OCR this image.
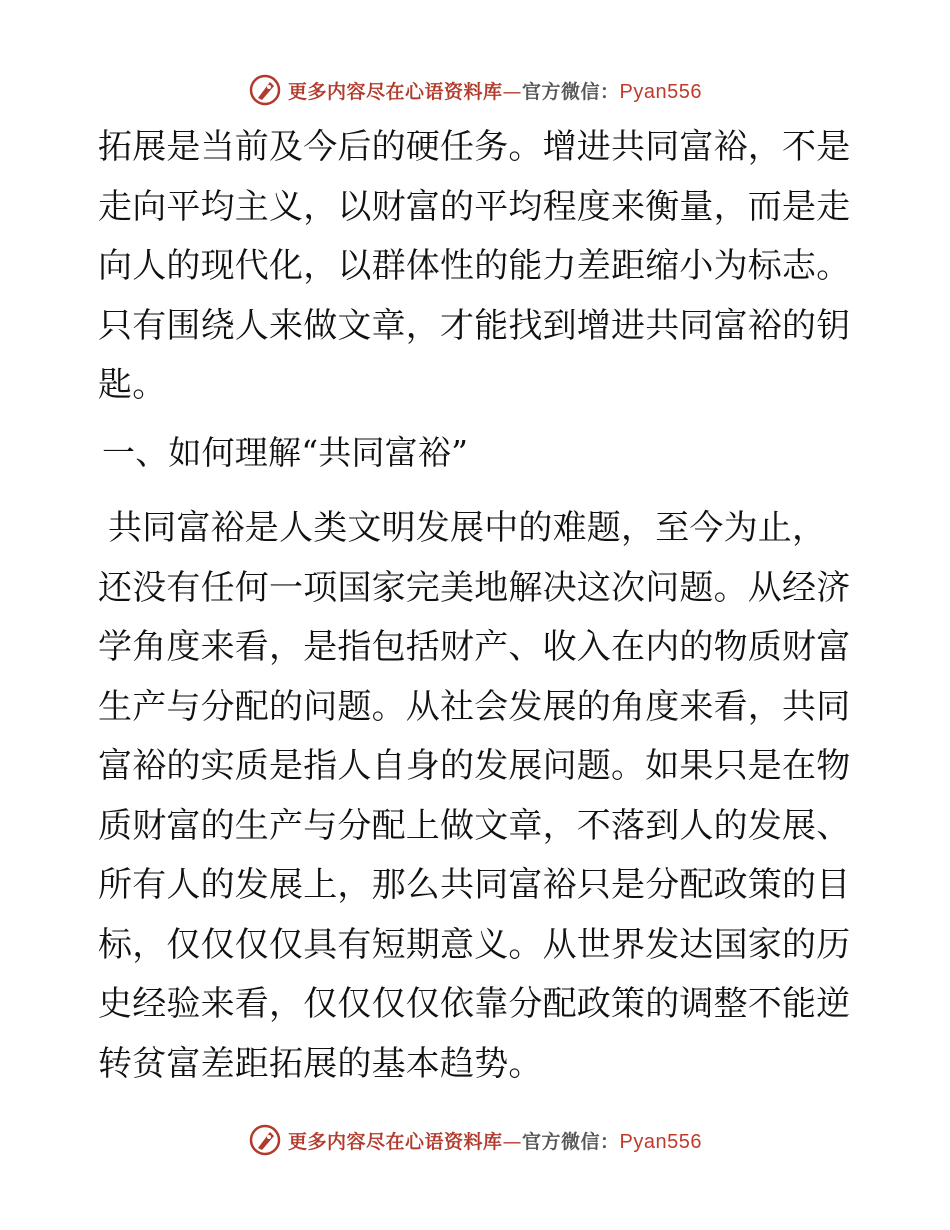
更多内容尽在心语资料库—官方微信：Pyan556

拓展是当前及今后的硬任务。增进共同富裕，不是

走向平均主义，以财富的平均程度来衡量，而是走

向人的现代化，以群体性的能力差距缩小为标志。

只有围绕人来做文章，才能找到增进共同富裕的钥

匙。

一、如何理解“共同富裕”

共同富裕是人类文明发展中的难题，至今为止，

还没有任何一项国家完美地解决这次问题。从经济

学角度来看，是指包括财产、收入在内的物质财富

生产与分配的问题。从社会发展的角度来看，共同

富裕的实质是指人自身的发展问题。如果只是在物

质财富的生产与分配上做文章，不落到人的发展、

所有人的发展上，那么共同富裕只是分配政策的目

标，仅仅仅仅具有短期意义。从世界发达国家的历

史经验来看，仅仅仅仅依靠分配政策的调整不能逆

转贫富差距拓展的基本趋势。

更多内容尽在心语资料库—官方微信：Pyan556
